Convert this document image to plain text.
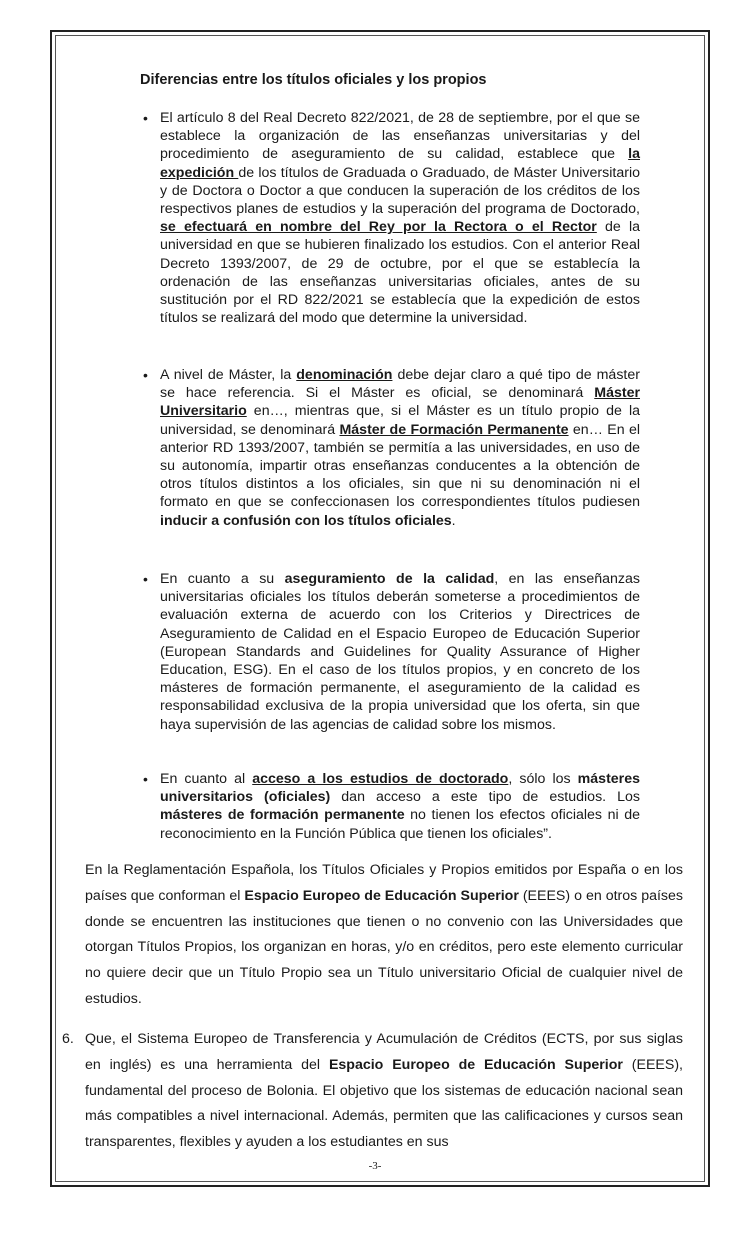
Diferencias entre los títulos oficiales y los propios
• El artículo 8 del Real Decreto 822/2021, de 28 de septiembre, por el que se establece la organización de las enseñanzas universitarias y del procedimiento de aseguramiento de su calidad, establece que la expedición de los títulos de Graduada o Graduado, de Máster Universitario y de Doctora o Doctor a que conducen la superación de los créditos de los respectivos planes de estudios y la superación del programa de Doctorado, se efectuará en nombre del Rey por la Rectora o el Rector de la universidad en que se hubieren finalizado los estudios. Con el anterior Real Decreto 1393/2007, de 29 de octubre, por el que se establecía la ordenación de las enseñanzas universitarias oficiales, antes de su sustitución por el RD 822/2021 se establecía que la expedición de estos títulos se realizará del modo que determine la universidad.
• A nivel de Máster, la denominación debe dejar claro a qué tipo de máster se hace referencia. Si el Máster es oficial, se denominará Máster Universitario en…, mientras que, si el Máster es un título propio de la universidad, se denominará Máster de Formación Permanente en… En el anterior RD 1393/2007, también se permitía a las universidades, en uso de su autonomía, impartir otras enseñanzas conducentes a la obtención de otros títulos distintos a los oficiales, sin que ni su denominación ni el formato en que se confeccionasen los correspondientes títulos pudiesen inducir a confusión con los títulos oficiales.
• En cuanto a su aseguramiento de la calidad, en las enseñanzas universitarias oficiales los títulos deberán someterse a procedimientos de evaluación externa de acuerdo con los Criterios y Directrices de Aseguramiento de Calidad en el Espacio Europeo de Educación Superior (European Standards and Guidelines for Quality Assurance of Higher Education, ESG). En el caso de los títulos propios, y en concreto de los másteres de formación permanente, el aseguramiento de la calidad es responsabilidad exclusiva de la propia universidad que los oferta, sin que haya supervisión de las agencias de calidad sobre los mismos.
• En cuanto al acceso a los estudios de doctorado, sólo los másteres universitarios (oficiales) dan acceso a este tipo de estudios. Los másteres de formación permanente no tienen los efectos oficiales ni de reconocimiento en la Función Pública que tienen los oficiales”.

En la Reglamentación Española, los Títulos Oficiales y Propios emitidos por España o en los países que conforman el Espacio Europeo de Educación Superior (EEES) o en otros países donde se encuentren las instituciones que tienen o no convenio con las Universidades que otorgan Títulos Propios, los organizan en horas, y/o en créditos, pero este elemento curricular no quiere decir que un Título Propio sea un Título universitario Oficial de cualquier nivel de estudios.

6. Que, el Sistema Europeo de Transferencia y Acumulación de Créditos (ECTS, por sus siglas en inglés) es una herramienta del Espacio Europeo de Educación Superior (EEES), fundamental del proceso de Bolonia. El objetivo que los sistemas de educación nacional sean más compatibles a nivel internacional. Además, permiten que las calificaciones y cursos sean transparentes, flexibles y ayuden a los estudiantes en sus
-3-
